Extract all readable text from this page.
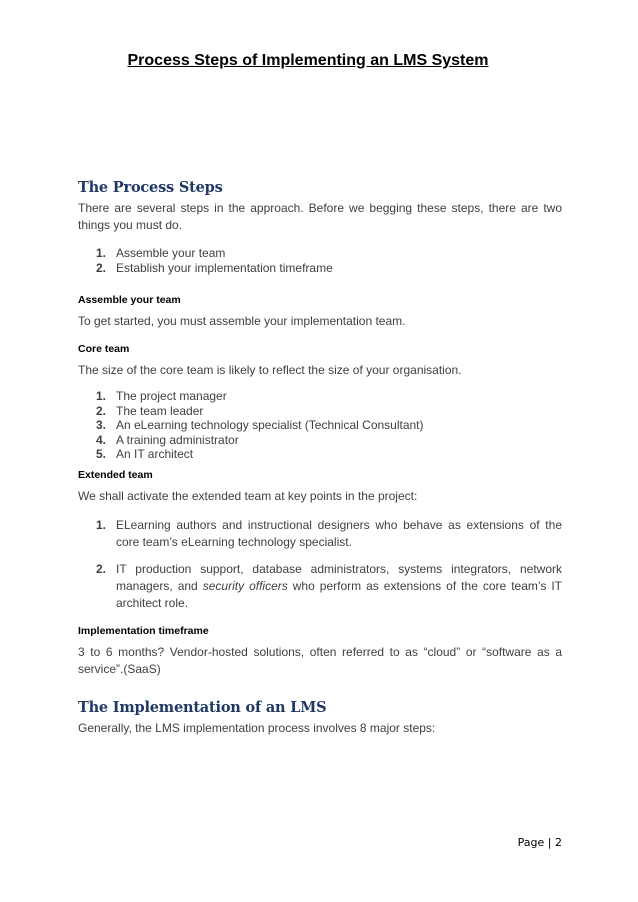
Process Steps of Implementing an LMS System
The Process Steps

There are several steps in the approach. Before we begging these steps, there are two things you must do.

1. Assemble your team
2. Establish your implementation timeframe
Assemble your team

To get started, you must assemble your implementation team.

Core team

The size of the core team is likely to reflect the size of your organisation.

1. The project manager
2. The team leader
3. An eLearning technology specialist (Technical Consultant)
4. A training administrator
5. An IT architect
Extended team

We shall activate the extended team at key points in the project:

1. ELearning authors and instructional designers who behave as extensions of the core team’s eLearning technology specialist.
2. IT production support, database administrators, systems integrators, network managers, and security officers who perform as extensions of the core team’s IT architect role.
Implementation timeframe

3 to 6 months? Vendor-hosted solutions, often referred to as “cloud” or “software as a service”.(SaaS)

The Implementation of an LMS

Generally, the LMS implementation process involves 8 major steps:

Page | 2
